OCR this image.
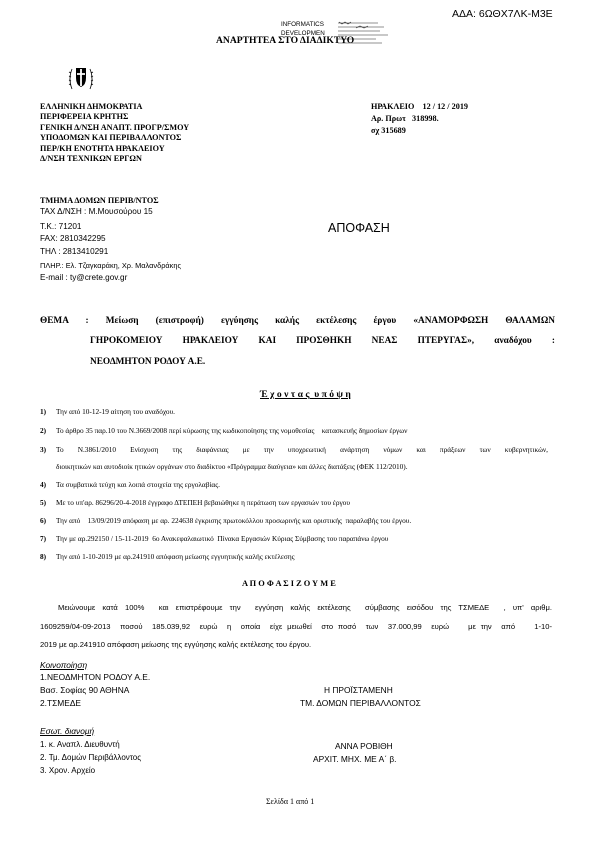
ΑΔΑ: 6ΩΘΧ7ΛΚ-Μ3Ε
INFORMATICS
DEVELOPMEN
ΑΝΑΡΤΗΤΕΑ ΣΤΟ ΔΙΑΔΙΚΤΥΟ
ΕΛΛΗΝΙΚΗ ΔΗΜΟΚΡΑΤΙΑ
ΠΕΡΙΦΕΡΕΙΑ ΚΡΗΤΗΣ
ΓΕΝΙΚΗ Δ/ΝΣΗ ΑΝΑΠΤ. ΠΡΟΓΡ/ΣΜΟΥ
ΥΠΟΔΟΜΩΝ ΚΑΙ ΠΕΡΙΒΑΛΛΟΝΤΟΣ
ΠΕΡ/ΚΗ ΕΝΟΤΗΤΑ ΗΡΑΚΛΕΙΟΥ
Δ/ΝΣΗ ΤΕΧΝΙΚΩΝ ΕΡΓΩΝ
ΤΜΗΜΑ ΔΟΜΩΝ ΠΕΡΙΒ/ΝΤΟΣ
ΤΑΧ Δ/ΝΣΗ : Μ.Μουσούρου 15
Τ.Κ.: 71201
FAX: 2810342295
ΤΗΛ : 2813410291
ΠΛΗΡ.: Ελ. Τζαγκαράκη, Χρ. Μαλανδράκης
E-mail : ty@crete.gov.gr
ΗΡΑΚΛΕΙΟ    12 / 12 / 2019
Αρ. Πρωτ   318998.
σχ 315689
ΑΠΟΦΑΣΗ
ΘΕΜΑ : Μείωση (επιστροφή) εγγύησης καλής εκτέλεσης έργου «ΑΝΑΜΟΡΦΩΣΗ ΘΑΛΑΜΩΝ
ΓΗΡΟΚΟΜΕΙΟΥ ΗΡΑΚΛΕΙΟΥ ΚΑΙ ΠΡΟΣΘΗΚΗ ΝΕΑΣ ΠΤΕΡΥΓΑΣ», αναδόχου :
ΝΕΟΔΜΗΤΟΝ ΡΟΔΟΥ Α.Ε.
Έ χ ο ν τ α ς  υ π ό ψ η
1) Την από 10-12-19 αίτηση του αναδόχου.
2) Το άρθρο 35 παρ.10 του Ν.3669/2008 περί κύρωσης της κωδικοποίησης της νομοθεσίας    κατασκευής δημοσίων έργων
3) Το Ν.3861/2010 Ενίσχυση της διαφάνειας με την υποχρεωτική ανάρτηση νόμων και πράξεων των κυβερνητικών,
διοικητικών και αυτοδιοίκ ητικών οργάνων στο διαδίκτυο «Πρόγραμμα διαύγεια» και άλλες διατάξεις (ΦΕΚ 112/2010).
4) Τα συμβατικά τεύχη και λοιπά στοιχεία της εργολαβίας.
5) Με το υπ'αρ. 86296/20-4-2018 έγγραφο ΔΤΕΠΕΗ βεβαιώθηκε η περάτωση των εργασιών του έργου
6) Την από    13/09/2019 απόφαση με αρ. 224638 έγκρισης πρωτοκόλλου προσωρινής και οριστικής  παραλαβής του έργου.
7) Την με αρ.292150 / 15-11-2019  6ο Ανακεφαλαιωτικό  Πίνακα Εργασιών Κύριας Σύμβασης του παραπάνω έργου
8) Την από 1-10-2019 με αρ.241910 απόφαση μείωσης εγγυητικής καλής εκτέλεσης
Α Π Ο Φ Α Σ Ι Ζ Ο Υ Μ Ε
Μειώνουμε κατά 100%  και επιστρέφουμε την  εγγύηση καλής εκτέλεσης  σύμβασης εισόδου της ΤΣΜΕΔΕ  , υπ' αριθμ.
1609259/04-09-2013  ποσού  185.039,92  ευρώ  η  οποία  είχε μειωθεί  στο ποσό  των  37.000,99  ευρώ    με την  από    1-10-
2019 με αρ.241910 απόφαση μείωσης της εγγύησης καλής εκτέλεσης του έργου.
Κοινοποίηση
1.ΝΕΟΔΜΗΤΟΝ ΡΟΔΟΥ Α.Ε.
Βασ. Σοφίας 90 ΑΘΗΝΑ
2.ΤΣΜΕΔΕ
Η ΠΡΟΪΣΤΑΜΕΝΗ
ΤΜ. ΔΟΜΩΝ ΠΕΡΙΒΑΛΛΟΝΤΟΣ
ΑΝΝΑ ΡΟΒΙΘΗ
ΑΡΧΙΤ. ΜΗΧ. ΜΕ Α΄ β.
Εσωτ. διανομή
1. κ. Αναπλ. Διευθυντή
2. Τμ. Δομών Περιβάλλοντος
3. Χρον. Αρχείο
Σελίδα 1 από 1
